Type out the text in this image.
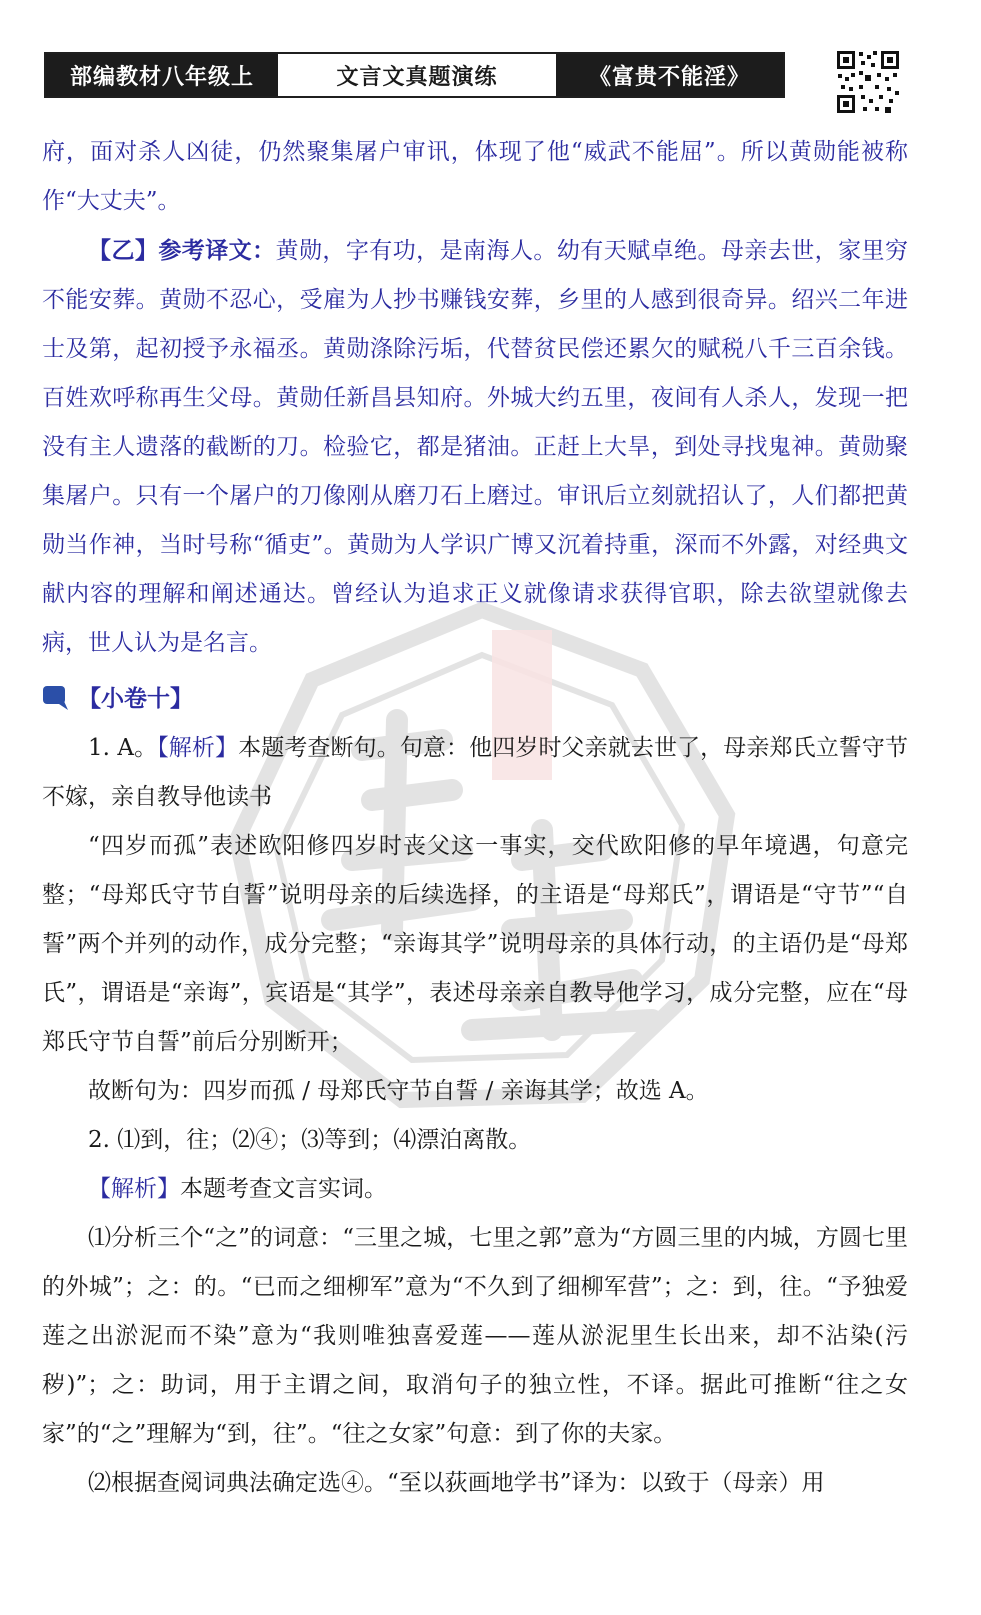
部编教材八年级上	文言文真题演练	《富贵不能淫》

府，面对杀人凶徒，仍然聚集屠户审讯，体现了他“威武不能屈”。所以黄勋能被称作“大丈夫”。

【乙】参考译文：黄勋，字有功，是南海人。幼有天赋卓绝。母亲去世，家里穷不能安葬。黄勋不忍心，受雇为人抄书赚钱安葬，乡里的人感到很奇异。绍兴二年进士及第，起初授予永福丞。黄勋涤除污垢，代替贫民偿还累欠的赋税八千三百余钱。百姓欢呼称再生父母。黄勋任新昌县知府。外城大约五里，夜间有人杀人，发现一把没有主人遗落的截断的刀。检验它，都是猪油。正赶上大旱，到处寻找鬼神。黄勋聚集屠户。只有一个屠户的刀像刚从磨刀石上磨过。审讯后立刻就招认了，人们都把黄勋当作神，当时号称“循吏”。黄勋为人学识广博又沉着持重，深而不外露，对经典文献内容的理解和阐述通达。曾经认为追求正义就像请求获得官职，除去欲望就像去病，世人认为是名言。

【小卷十】

1. A。【解析】本题考查断句。句意：他四岁时父亲就去世了，母亲郑氏立誓守节不嫁，亲自教导他读书

“四岁而孤”表述欧阳修四岁时丧父这一事实，交代欧阳修的早年境遇，句意完整；“母郑氏守节自誓”说明母亲的后续选择，的主语是“母郑氏”，谓语是“守节”“自誓”两个并列的动作，成分完整；“亲诲其学”说明母亲的具体行动，的主语仍是“母郑氏”，谓语是“亲诲”，宾语是“其学”，表述母亲亲自教导他学习，成分完整，应在“母郑氏守节自誓”前后分别断开；

故断句为：四岁而孤 / 母郑氏守节自誓 / 亲诲其学；故选 A。

2. ⑴到，往；⑵④；⑶等到；⑷漂泊离散。

【解析】本题考查文言实词。

⑴分析三个“之”的词意：“三里之城，七里之郭”意为“方圆三里的内城，方圆七里的外城”；之：的。“已而之细柳军”意为“不久到了细柳军营”；之：到，往。“予独爱莲之出淤泥而不染”意为“我则唯独喜爱莲——莲从淤泥里生长出来，却不沾染(污秽)”；之：助词，用于主谓之间，取消句子的独立性，不译。据此可推断“往之女家”的“之”理解为“到，往”。“往之女家”句意：到了你的夫家。

⑵根据查阅词典法确定选④。“至以荻画地学书”译为：以致于（母亲）用
